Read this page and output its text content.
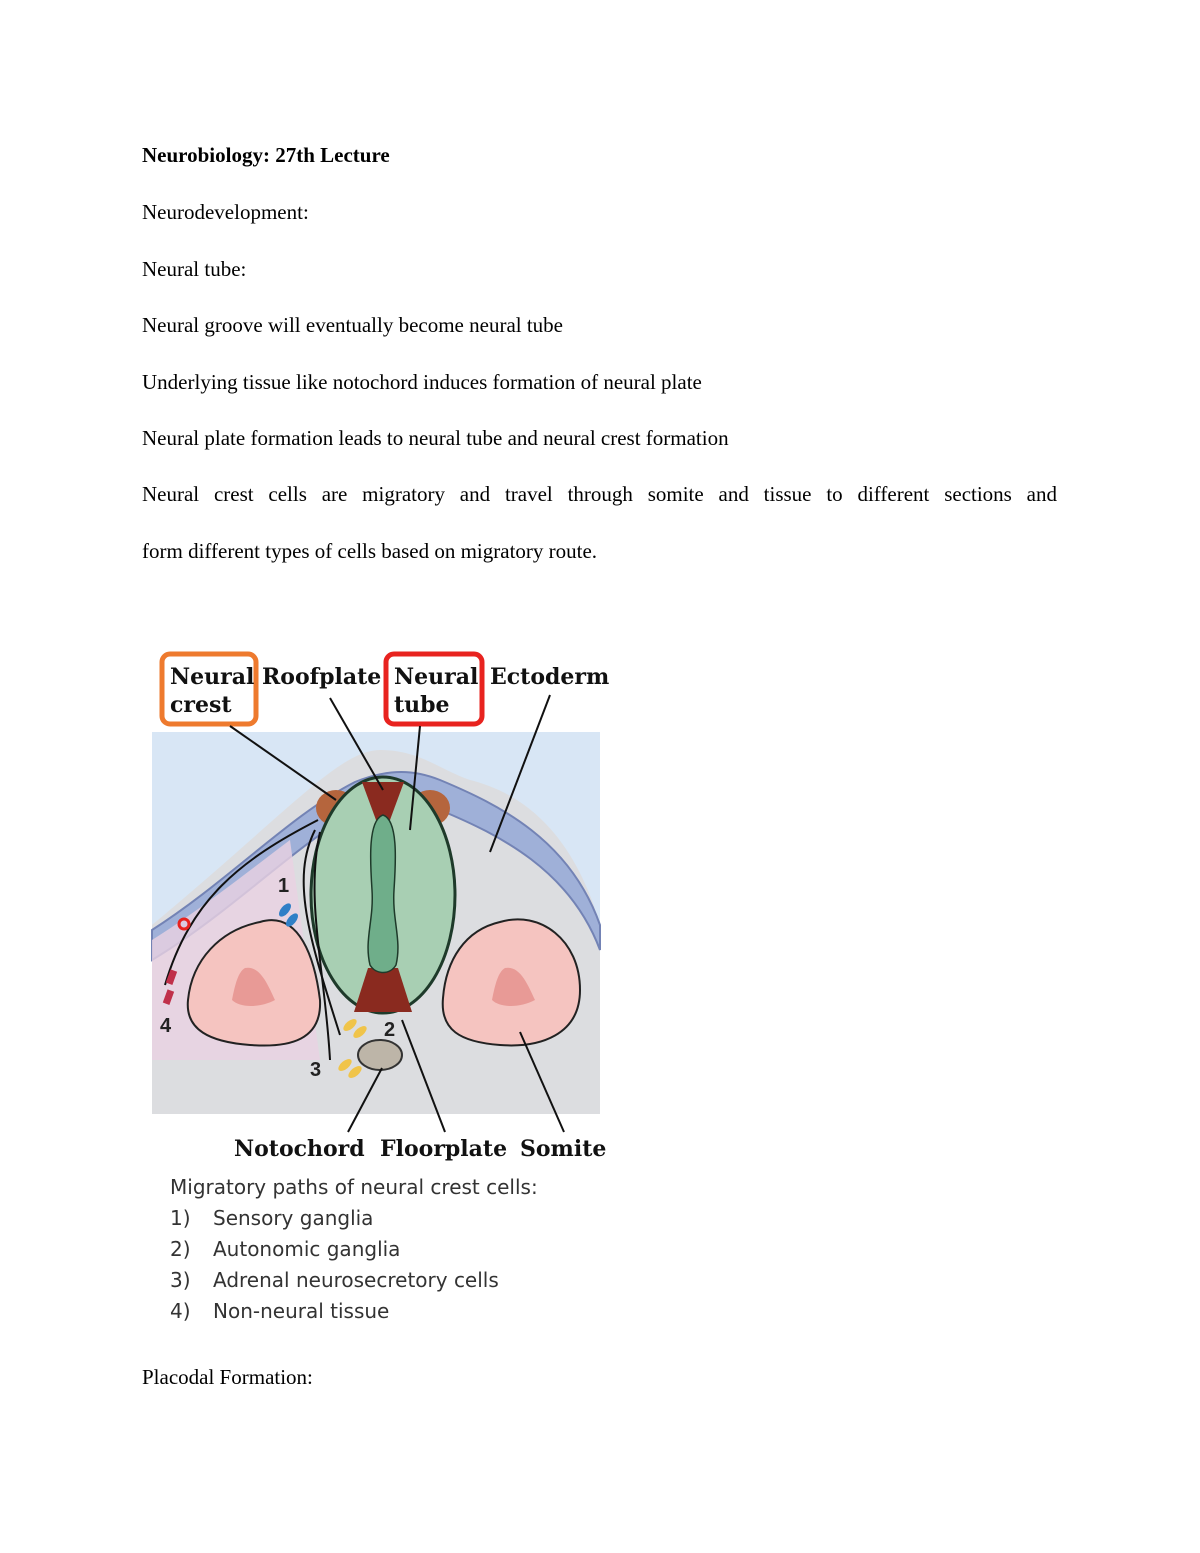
Neurobiology: 27th Lecture

Neurodevelopment:

Neural tube:

Neural groove will eventually become neural tube

Underlying tissue like notochord induces formation of neural plate

Neural plate formation leads to neural tube and neural crest formation

Neural crest cells are migratory and travel through somite and tissue to different sections and

form different types of cells based on migratory route.

Neural
crest
Roofplate Neural
tube
Ectoderm
Notochord Floorplate Somite
1
2
3
4
Migratory paths of neural crest cells:
1)	Sensory ganglia
2)	Autonomic ganglia
3)	Adrenal neurosecretory cells
4)	Non-neural tissue

Placodal Formation:
